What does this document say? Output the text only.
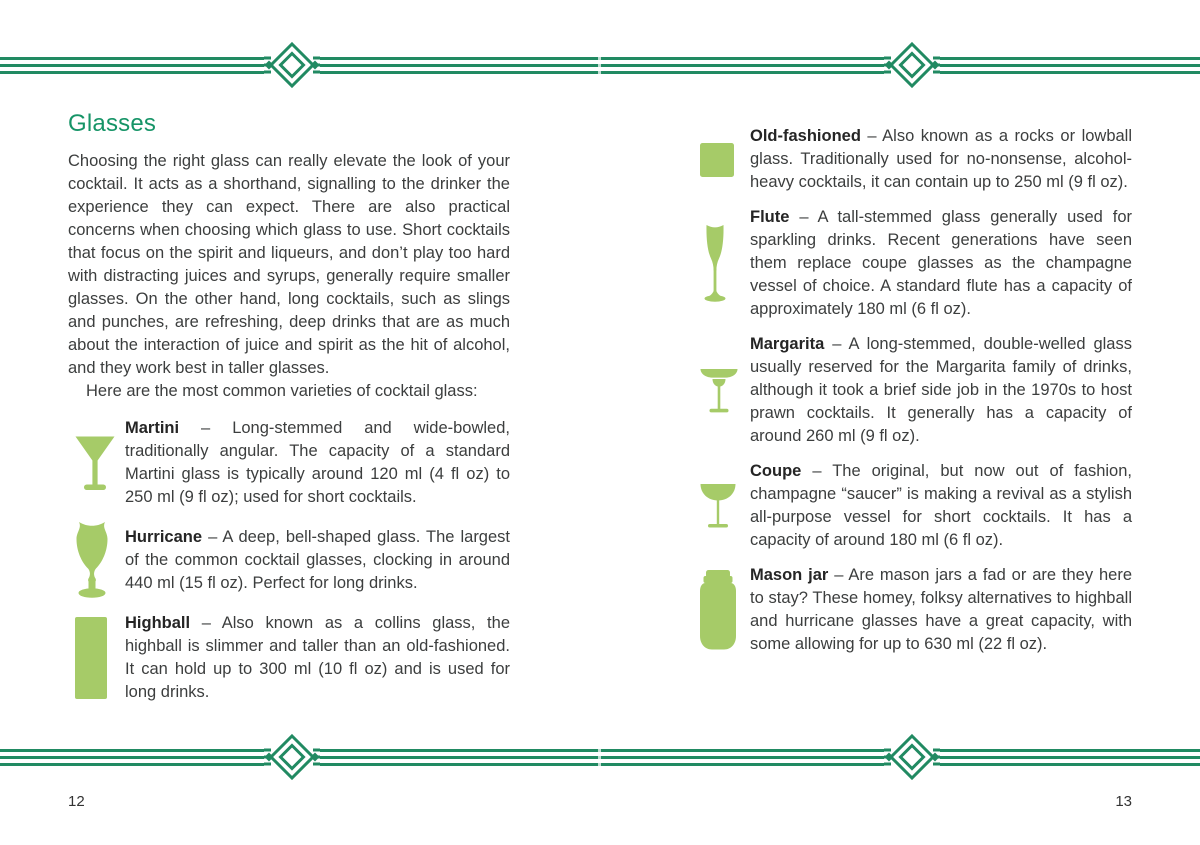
Glasses

Choosing the right glass can really elevate the look of your cocktail. It acts as a shorthand, signalling to the drinker the experience they can expect. There are also practical concerns when choosing which glass to use. Short cocktails that focus on the spirit and liqueurs, and don’t play too hard with distracting juices and syrups, generally require smaller glasses. On the other hand, long cocktails, such as slings and punches, are refreshing, deep drinks that are as much about the interaction of juice and spirit as the hit of alcohol, and they work best in taller glasses.

Here are the most common varieties of cocktail glass:

Martini – Long-stemmed and wide-bowled, traditionally angular. The capacity of a standard Martini glass is typically around 120 ml (4 fl oz) to 250 ml (9 fl oz); used for short cocktails.

Hurricane – A deep, bell-shaped glass. The largest of the common cocktail glasses, clocking in around 440 ml (15 fl oz). Perfect for long drinks.

Highball – Also known as a collins glass, the highball is slimmer and taller than an old-fashioned. It can hold up to 300 ml (10 fl oz) and is used for long drinks.

Old-fashioned – Also known as a rocks or lowball glass. Traditionally used for no-nonsense, alcohol-heavy cocktails, it can contain up to 250 ml (9 fl oz).

Flute – A tall-stemmed glass generally used for sparkling drinks. Recent generations have seen them replace coupe glasses as the champagne vessel of choice. A standard flute has a capacity of approximately 180 ml (6 fl oz).

Margarita – A long-stemmed, double-welled glass usually reserved for the Margarita family of drinks, although it took a brief side job in the 1970s to host prawn cocktails. It generally has a capacity of around 260 ml (9 fl oz).

Coupe – The original, but now out of fashion, champagne “saucer” is making a revival as a stylish all-purpose vessel for short cocktails. It has a capacity of around 180 ml (6 fl oz).

Mason jar – Are mason jars a fad or are they here to stay? These homey, folksy alternatives to highball and hurricane glasses have a great capacity, with some allowing for up to 630 ml (22 fl oz).

12	13
